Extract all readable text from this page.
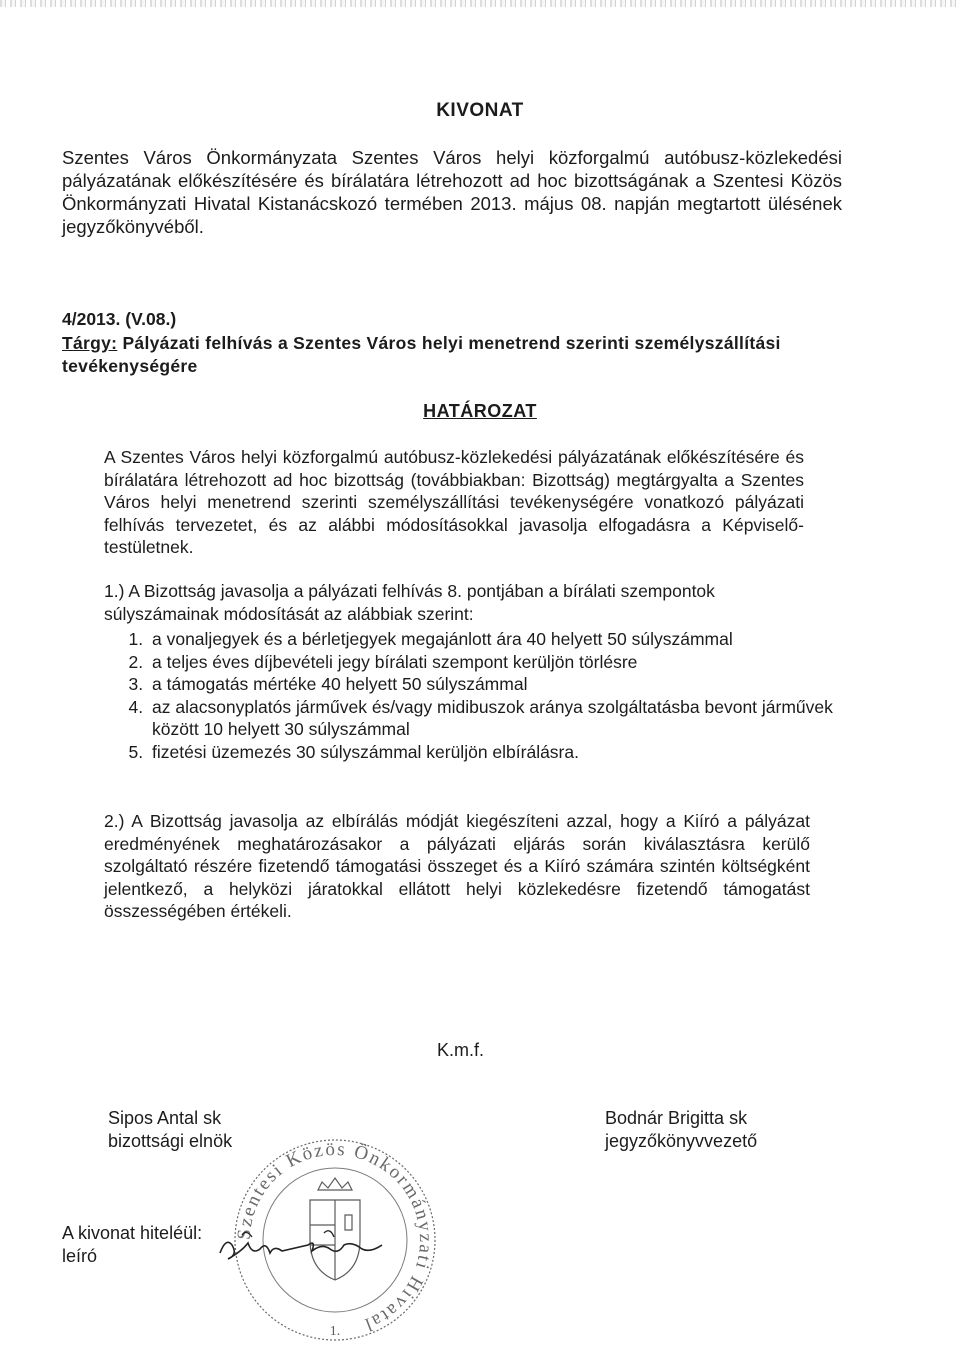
KIVONAT
Szentes Város Önkormányzata Szentes Város helyi közforgalmú autóbusz-közlekedési pályázatának előkészítésére és bírálatára létrehozott ad hoc bizottságának a Szentesi Közös Önkormányzati Hivatal Kistanácskozó termében 2013. május 08. napján megtartott ülésének jegyzőkönyvéből.
4/2013. (V.08.)
Tárgy: Pályázati felhívás a Szentes Város helyi menetrend szerinti személyszállítási tevékenységére
HATÁROZAT
A Szentes Város helyi közforgalmú autóbusz-közlekedési pályázatának előkészítésére és bírálatára létrehozott ad hoc bizottság (továbbiakban: Bizottság) megtárgyalta a Szentes Város helyi menetrend szerinti személyszállítási tevékenységére vonatkozó pályázati felhívás tervezetet, és az alábbi módosításokkal javasolja elfogadásra a Képviselő-testületnek.
1.) A Bizottság javasolja a pályázati felhívás 8. pontjában a bírálati szempontok súlyszámainak módosítását az alábbiak szerint:
1. a vonaljegyek és a bérletjegyek megajánlott ára 40 helyett 50 súlyszámmal
2. a teljes éves díjbevételi jegy bírálati szempont kerüljön törlésre
3. a támogatás mértéke 40 helyett 50 súlyszámmal
4. az alacsonyplatós járművek és/vagy midibuszok aránya szolgáltatásba bevont járművek között 10 helyett 30 súlyszámmal
5. fizetési üzemezés 30 súlyszámmal kerüljön elbírálásra.
2.) A Bizottság javasolja az elbírálás módját kiegészíteni azzal, hogy a Kiíró a pályázat eredményének meghatározásakor a pályázati eljárás során kiválasztásra kerülő szolgáltató részére fizetendő támogatási összeget és a Kiíró számára szintén költségként jelentkező, a helyközi járatokkal ellátott helyi közlekedésre fizetendő támogatást összességében értékeli.
K.m.f.
Sipos Antal sk
bizottsági elnök
Bodnár Brigitta sk
jegyzőkönyvvezető
Szentesi Közös Önkormányzati Hivatal
1.
A kivonat hiteléül:
leíró
